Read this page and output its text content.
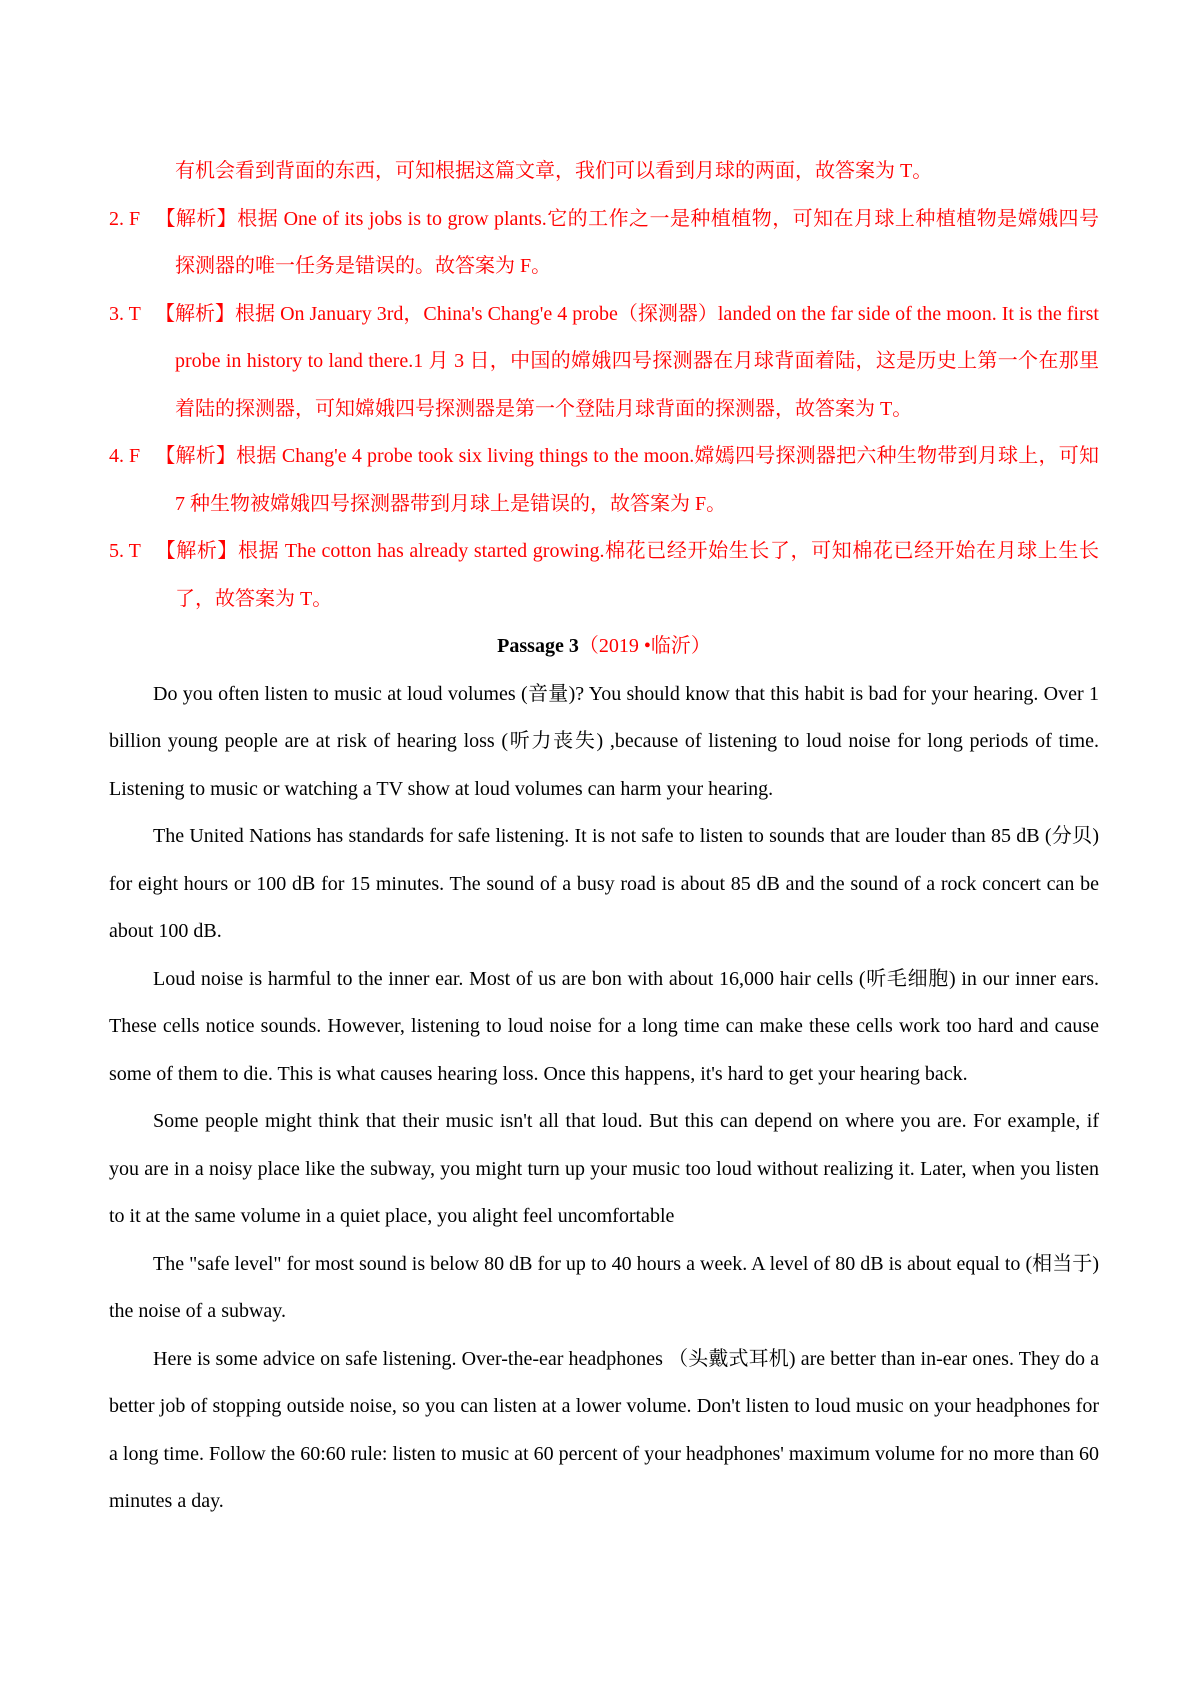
有机会看到背面的东西，可知根据这篇文章，我们可以看到月球的两面，故答案为 T。
2. F 【解析】根据 One of its jobs is to grow plants.它的工作之一是种植植物，可知在月球上种植植物是嫦娥四号探测器的唯一任务是错误的。故答案为 F。
3. T 【解析】根据 On January 3rd，China's Chang'e 4 probe（探测器）landed on the far side of the moon. It is the first probe in history to land there.1 月 3 日，中国的嫦娥四号探测器在月球背面着陆，这是历史上第一个在那里着陆的探测器，可知嫦娥四号探测器是第一个登陆月球背面的探测器，故答案为 T。
4. F 【解析】根据 Chang'e 4 probe took six living things to the moon.嫦嫣四号探测器把六种生物带到月球上，可知 7 种生物被嫦娥四号探测器带到月球上是错误的，故答案为 F。
5. T 【解析】根据 The cotton has already started growing.棉花已经开始生长了，可知棉花已经开始在月球上生长了，故答案为 T。
Passage 3（2019 •临沂）

Do you often listen to music at loud volumes (音量)? You should know that this habit is bad for your hearing. Over 1 billion young people are at risk of hearing loss (听力丧失) ,because of listening to loud noise for long periods of time. Listening to music or watching a TV show at loud volumes can harm your hearing.

The United Nations has standards for safe listening. It is not safe to listen to sounds that are louder than 85 dB (分贝) for eight hours or 100 dB for 15 minutes. The sound of a busy road is about 85 dB and the sound of a rock concert can be about 100 dB.

Loud noise is harmful to the inner ear. Most of us are bon with about 16,000 hair cells (听毛细胞) in our inner ears. These cells notice sounds. However, listening to loud noise for a long time can make these cells work too hard and cause some of them to die. This is what causes hearing loss. Once this happens, it's hard to get your hearing back.

Some people might think that their music isn't all that loud. But this can depend on where you are. For example, if you are in a noisy place like the subway, you might turn up your music too loud without realizing it. Later, when you listen to it at the same volume in a quiet place, you alight feel uncomfortable

The "safe level" for most sound is below 80 dB for up to 40 hours a week. A level of 80 dB is about equal to (相当于) the noise of a subway.

Here is some advice on safe listening. Over-the-ear headphones （头戴式耳机) are better than in-ear ones. They do a better job of stopping outside noise, so you can listen at a lower volume. Don't listen to loud music on your headphones for a long time. Follow the 60:60 rule: listen to music at 60 percent of your headphones' maximum volume for no more than 60 minutes a day.
